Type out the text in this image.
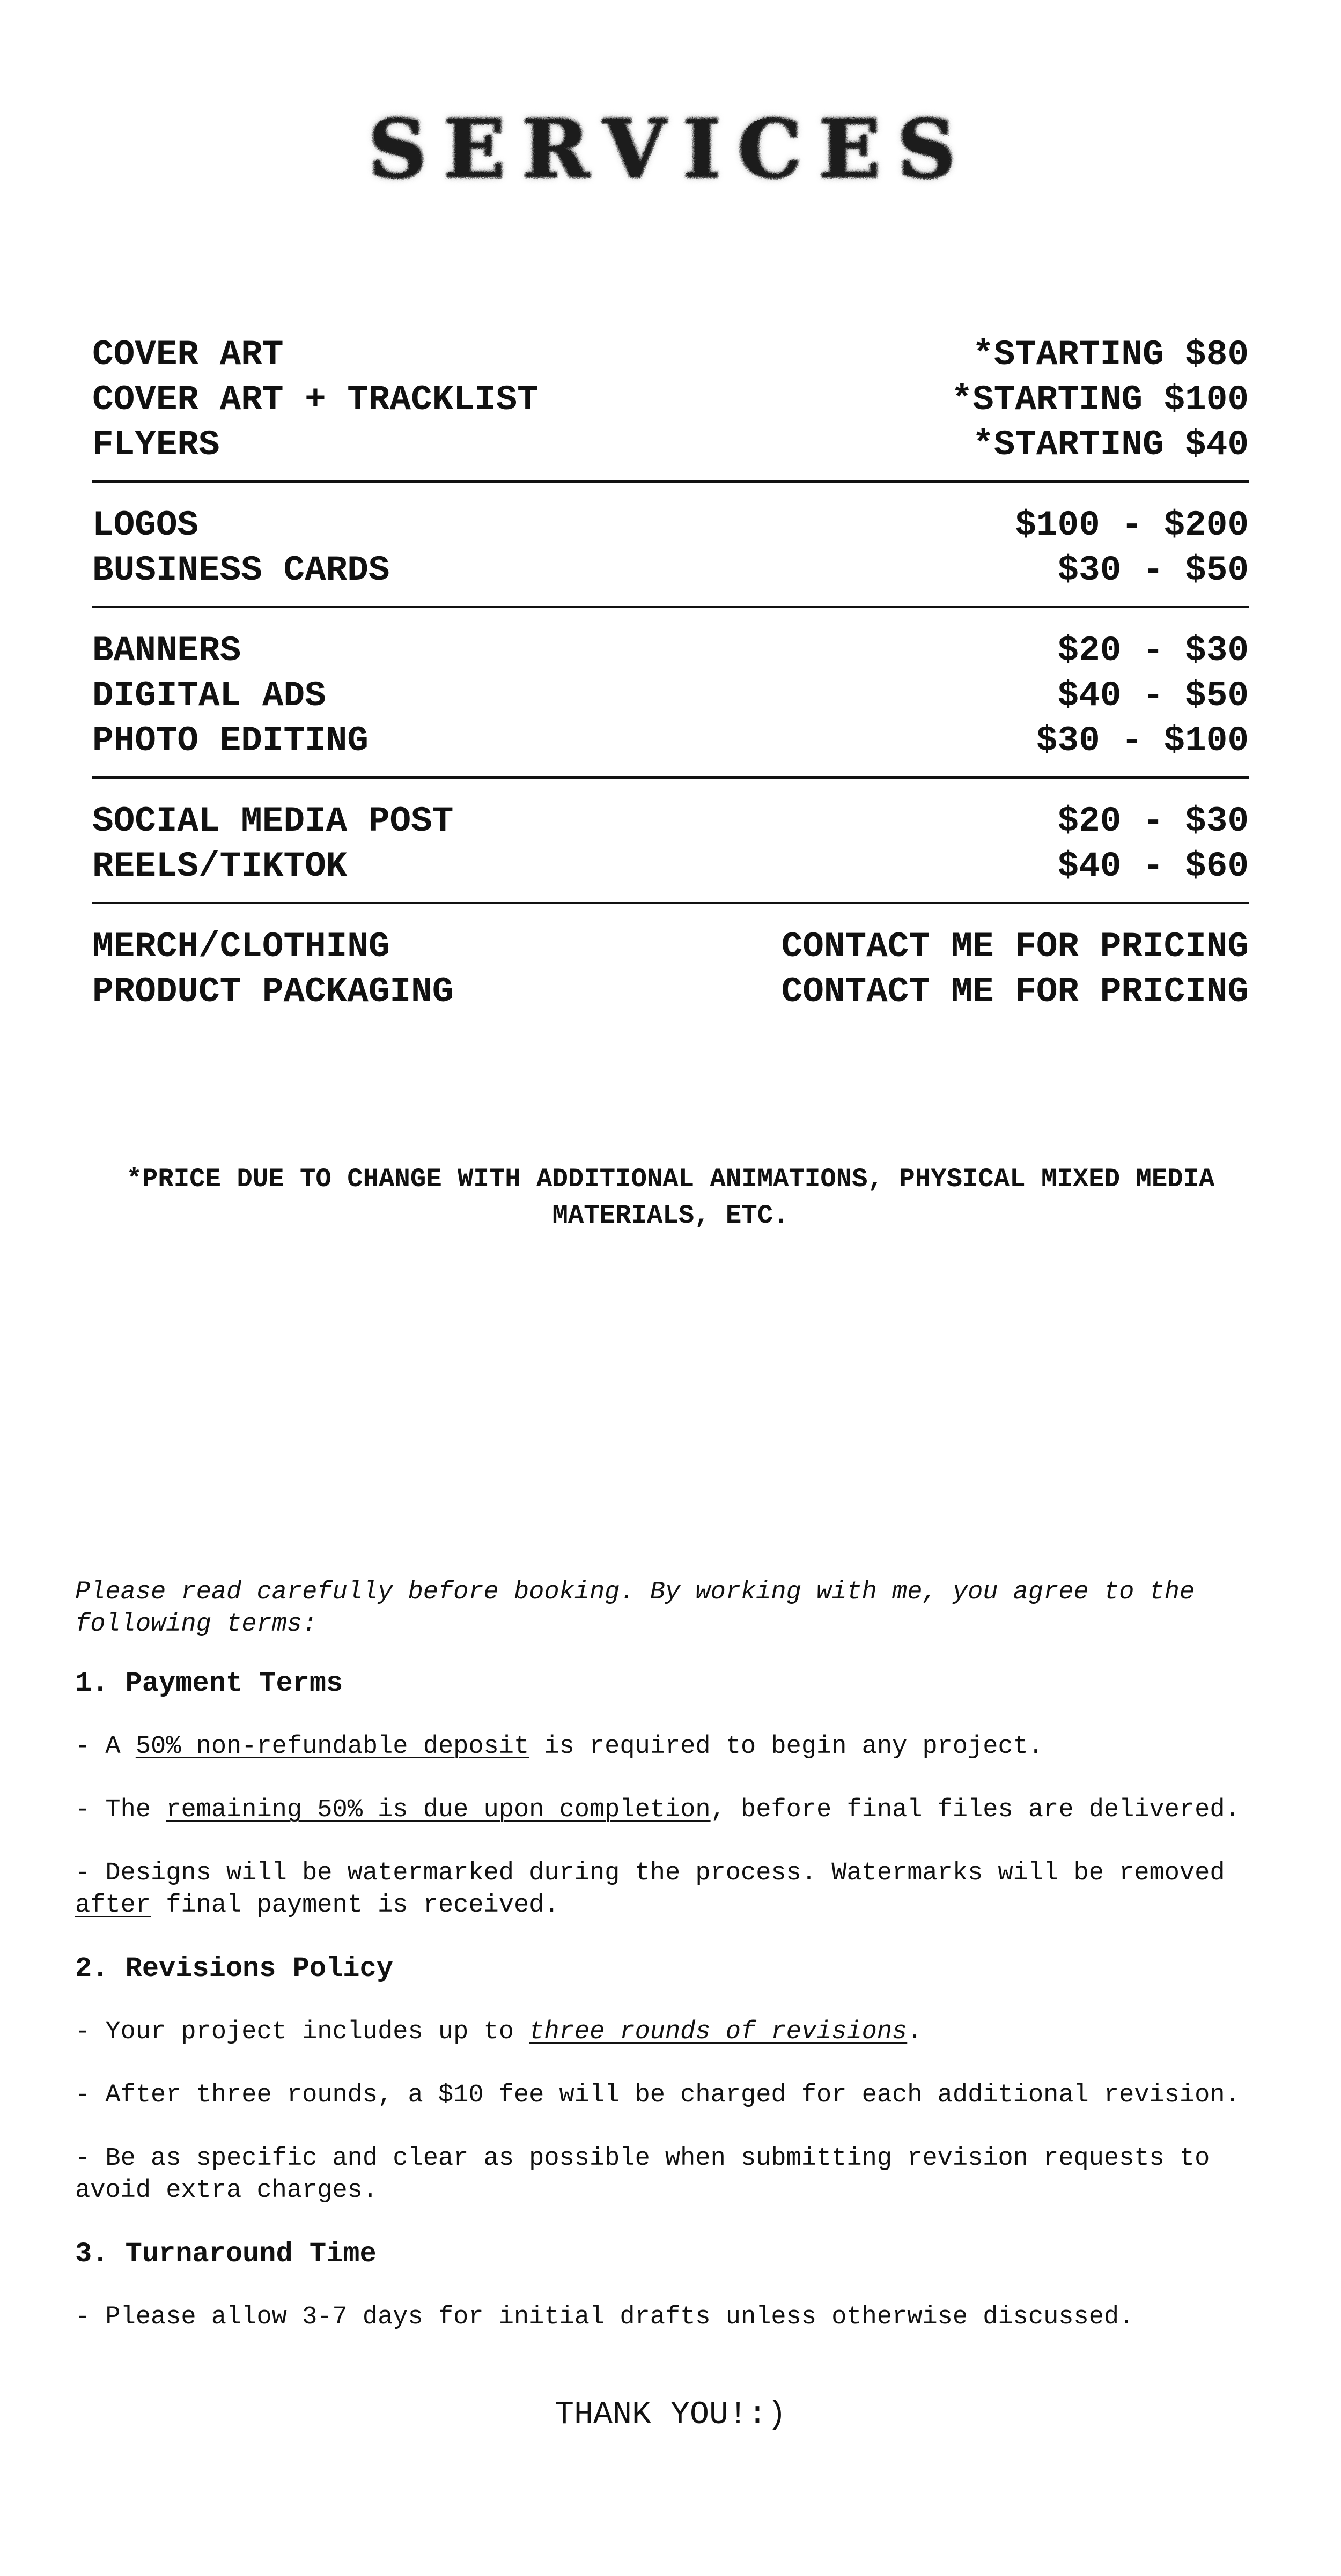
SERVICES
COVER ART	*STARTING $80
COVER ART + TRACKLIST	*STARTING $100
FLYERS	*STARTING $40
LOGOS	$100 - $200
BUSINESS CARDS	$30 - $50
BANNERS	$20 - $30
DIGITAL ADS	$40 - $50
PHOTO EDITING	$30 - $100
SOCIAL MEDIA POST	$20 - $30
REELS/TIKTOK	$40 - $60
MERCH/CLOTHING	CONTACT ME FOR PRICING
PRODUCT PACKAGING	CONTACT ME FOR PRICING
*PRICE DUE TO CHANGE WITH ADDITIONAL ANIMATIONS, PHYSICAL MIXED MEDIA MATERIALS, ETC.

Please read carefully before booking. By working with me, you agree to the following terms:

1. Payment Terms

- A 50% non-refundable deposit is required to begin any project.

- The remaining 50% is due upon completion, before final files are delivered.

- Designs will be watermarked during the process. Watermarks will be removed after final payment is received.

2. Revisions Policy

- Your project includes up to three rounds of revisions.

- After three rounds, a $10 fee will be charged for each additional revision.

- Be as specific and clear as possible when submitting revision requests to avoid extra charges.

3. Turnaround Time

- Please allow 3-7 days for initial drafts unless otherwise discussed.

THANK YOU!:)
